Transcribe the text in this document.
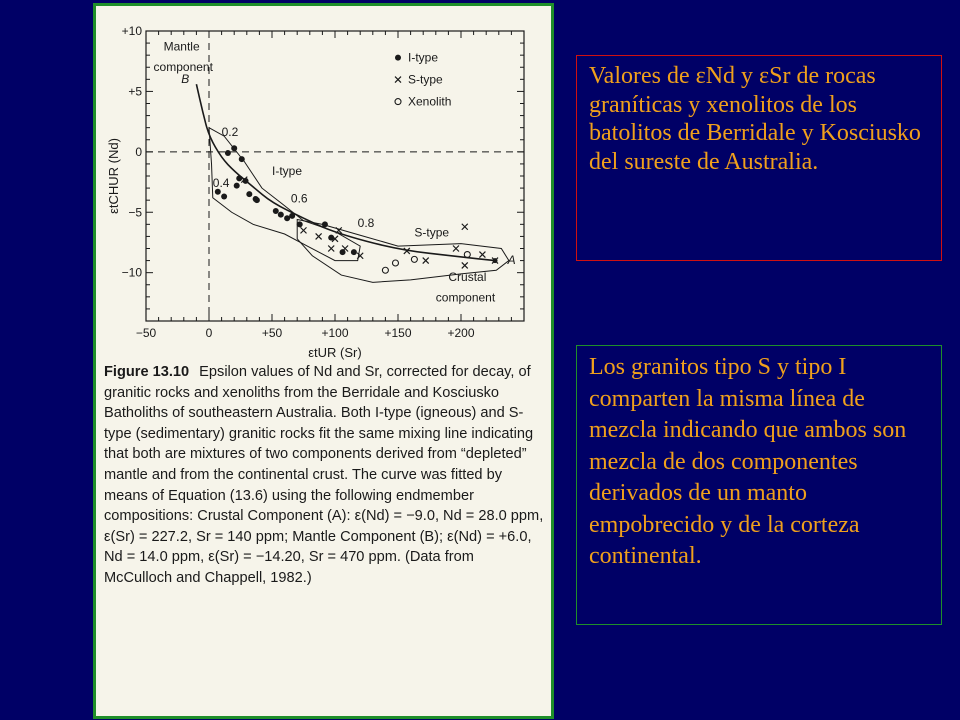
−50	0	+50	+100	+150	+200
+10
+5
0
−5
−10
εtUR (Sr)
εtCHUR (Nd)
0.2
0.4
0.6
0.8
Mantle
component
B
I-type
S-type
A
Crustal
component
I-type
S-type
Xenolith
Figure 13.10 Epsilon values of Nd and Sr, corrected for decay, of granitic rocks and xenoliths from the Berridale and Kosciusko Batholiths of southeastern Australia. Both I-type (igneous) and S-type (sedimentary) granitic rocks fit the same mixing line indicating that both are mixtures of two components derived from “depleted” mantle and from the continental crust. The curve was fitted by means of Equation (13.6) using the following endmember compositions: Crustal Component (A): ε(Nd) = −9.0, Nd = 28.0 ppm, ε(Sr) = 227.2, Sr = 140 ppm; Mantle Component (B); ε(Nd) = +6.0, Nd = 14.0 ppm, ε(Sr) = −14.20, Sr = 470 ppm. (Data from McCulloch and Chappell, 1982.)
Valores de εNd y εSr de rocas graníticas y xenolitos de los batolitos de Berridale y Kosciusko del sureste de Australia.
Los granitos tipo S y tipo I comparten la misma línea de mezcla indicando que ambos son mezcla de dos componentes derivados de un manto empobrecido y de la corteza continental.
